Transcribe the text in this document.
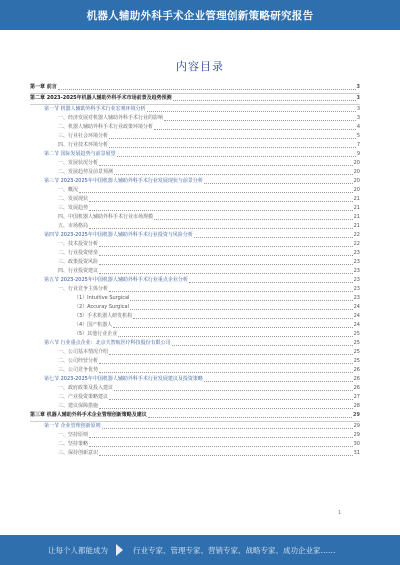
机器人辅助外科手术企业管理创新策略研究报告
内容目录
第一章 前言	3
第二章 2023-2025年机器人辅助外科手术市场前景及趋势预测	3
第一节 机器人辅助外科手术行业宏观环境分析	3
一、经济发展对机器人辅助外科手术行业的影响	3
二、机器人辅助外科手术行业政策环境分析	4
三、行业社会环境分析	5
四、行业技术环境分析	7
第二节 国际发展趋势与前景展望	9
一、发展状况分析	20
二、发展趋势及前景预测	20
第三节 2023-2025年中国机器人辅助外科手术行业发展现状与前景分析	20
一、概况	20
二、发展现状	21
三、发展趋势	21
四、中国机器人辅助外科手术行业市场规模	21
五、市场格局	21
第四节 2023-2025年中国机器人辅助外科手术行业投资与风险分析	22
一、技术投资分析	22
二、行业投资壁垒	23
三、政策投资风险	23
四、行业投资建议	23
第五节 2023-2025年中国机器人辅助外科手术行业重点企业分析	23
一、行业竞争主体分析	23
（1）Intuitive Surgical	23
（2）Accuray Surgical	24
（3）手术机器人研发机构	24
（4）国产机器人	24
（5）其他行业企业	25
第六节 行业重点企业：北京天智航医疗科技股份有限公司	25
一、公司基本情况介绍	25
二、公司经营分析	25
三、公司竞争优势	26
第七节 2023-2025年中国机器人辅助外科手术行业发展建议及投资策略	26
一、政府政策及投入建议	26
二、产业投资策略建议	27
三、建议保障措施	28
第三章 机器人辅助外科手术企业管理创新策略及建议	29
第一节 企业管理创新原则	29
一、坚持原则	29
二、坚持策略	30
三、保持创新意识	31
1
让每个人都能成为	行业专家、管理专家、营销专家、战略专家、成功企业家……
